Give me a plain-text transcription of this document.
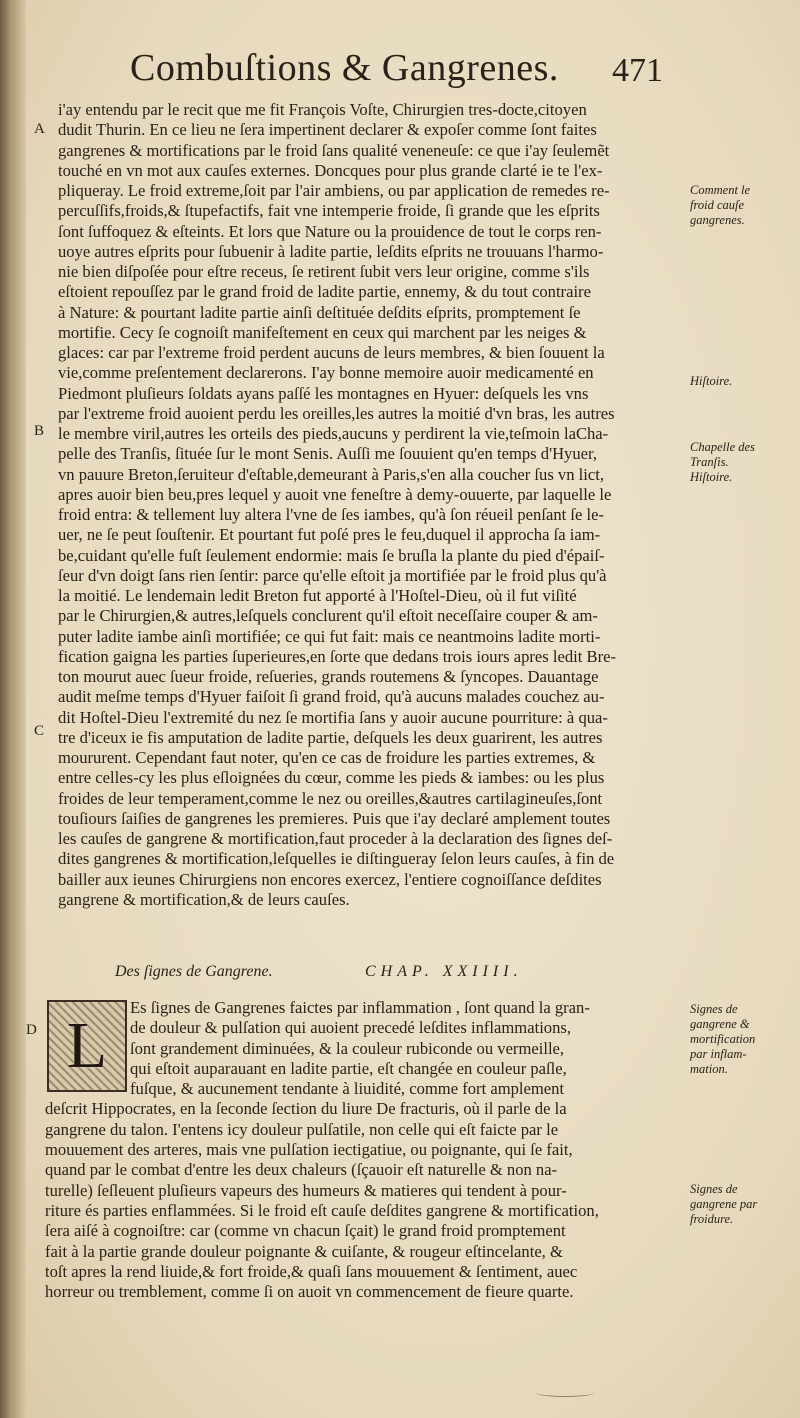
Combuſtions & Gangrenes. 471
A
B
C
D
i'ay entendu par le recit que me fit François Voſte, Chirurgien tres-docte,citoyen
dudit Thurin. En ce lieu ne ſera impertinent declarer & expoſer comme ſont faites
gangrenes & mortifications par le froid ſans qualité veneneuſe: ce que i'ay ſeulemẽt
touché en vn mot aux cauſes externes. Doncques pour plus grande clarté ie te l'ex-
pliqueray. Le froid extreme,ſoit par l'air ambiens, ou par application de remedes re-
percuſſifs,froids,& ſtupefactifs, fait vne intemperie froide, ſi grande que les eſprits
ſont ſuffoquez & eſteints. Et lors que Nature ou la prouidence de tout le corps ren-
uoye autres eſprits pour ſubuenir à ladite partie, leſdits eſprits ne trouuans l'harmo-
nie bien diſpoſée pour eſtre receus, ſe retirent ſubit vers leur origine, comme s'ils
eſtoient repouſſez par le grand froid de ladite partie, ennemy, & du tout contraire
à Nature: & pourtant ladite partie ainſi deſtituée deſdits eſprits, promptement ſe
mortifie. Cecy ſe cognoiſt manifeſtement en ceux qui marchent par les neiges &
glaces: car par l'extreme froid perdent aucuns de leurs membres, & bien ſouuent la
vie,comme preſentement declarerons. I'ay bonne memoire auoir medicamenté en
Piedmont pluſieurs ſoldats ayans paſſé les montagnes en Hyuer: deſquels les vns
par l'extreme froid auoient perdu les oreilles,les autres la moitié d'vn bras, les autres
le membre viril,autres les orteils des pieds,aucuns y perdirent la vie,teſmoin laCha-
pelle des Tranſis, ſituée ſur le mont Senis. Auſſi me ſouuient qu'en temps d'Hyuer,
vn pauure Breton,ſeruiteur d'eſtable,demeurant à Paris,s'en alla coucher ſus vn lict,
apres auoir bien beu,pres lequel y auoit vne feneſtre à demy-ouuerte, par laquelle le
froid entra: & tellement luy altera l'vne de ſes iambes, qu'à ſon réueil penſant ſe le-
uer, ne ſe peut ſouſtenir. Et pourtant fut poſé pres le feu,duquel il approcha ſa iam-
be,cuidant qu'elle fuſt ſeulement endormie: mais ſe bruſla la plante du pied d'épaiſ-
ſeur d'vn doigt ſans rien ſentir: parce qu'elle eſtoit ja mortifiée par le froid plus qu'à
la moitié. Le lendemain ledit Breton fut apporté à l'Hoſtel-Dieu, où il fut viſité
par le Chirurgien,& autres,leſquels conclurent qu'il eſtoit neceſſaire couper & am-
puter ladite iambe ainſi mortifiée; ce qui fut fait: mais ce neantmoins ladite morti-
fication gaigna les parties ſuperieures,en ſorte que dedans trois iours apres ledit Bre-
ton mourut auec ſueur froide, reſueries, grands routemens & ſyncopes. Dauantage
audit meſme temps d'Hyuer faiſoit ſi grand froid, qu'à aucuns malades couchez au-
dit Hoſtel-Dieu l'extremité du nez ſe mortifia ſans y auoir aucune pourriture: à qua-
tre d'iceux ie fis amputation de ladite partie, deſquels les deux guarirent, les autres
moururent. Cependant faut noter, qu'en ce cas de froidure les parties extremes, &
entre celles-cy les plus eſloignées du cœur, comme les pieds & iambes: ou les plus
froides de leur temperament,comme le nez ou oreilles,&autres cartilagineuſes,ſont
touſiours ſaiſies de gangrenes les premieres. Puis que i'ay declaré amplement toutes
les cauſes de gangrene & mortification,faut proceder à la declaration des ſignes deſ-
dites gangrenes & mortification,leſquelles ie diſtingueray ſelon leurs cauſes, à fin de
bailler aux ieunes Chirurgiens non encores exercez, l'entiere cognoiſſance deſdites
gangrene & mortification,& de leurs cauſes.
Comment le
froid cauſe
gangrenes.
Hiſtoire.
Chapelle des
Tranſis.
Hiſtoire.
Signes de
gangrene &
mortification
par inflam-
mation.
Signes de
gangrene par
froidure.
Des ſignes de Gangrene.	CHAP. XXIIII.
L
Es ſignes de Gangrenes faictes par inflammation , ſont quand la gran-
de douleur & pulſation qui auoient precedé leſdites inflammations,
ſont grandement diminuées, & la couleur rubiconde ou vermeille,
qui eſtoit auparauant en ladite partie, eſt changée en couleur paſle,
fuſque, & aucunement tendante à liuidité, comme fort amplement
deſcrit Hippocrates, en la ſeconde ſection du liure De fracturis, où il parle de la
gangrene du talon. I'entens icy douleur pulſatile, non celle qui eſt faicte par le
mouuement des arteres, mais vne pulſation iectigatiue, ou poignante, qui ſe fait,
quand par le combat d'entre les deux chaleurs (ſçauoir eſt naturelle & non na-
turelle) ſeſleuent pluſieurs vapeurs des humeurs & matieres qui tendent à pour-
riture és parties enflammées. Si le froid eſt cauſe deſdites gangrene & mortification,
ſera aiſé à cognoiſtre: car (comme vn chacun ſçait) le grand froid promptement
fait à la partie grande douleur poignante & cuiſante, & rougeur eſtincelante, &
toſt apres la rend liuide,& fort froide,& quaſi ſans mouuement & ſentiment, auec
horreur ou tremblement, comme ſi on auoit vn commencement de fieure quarte.
